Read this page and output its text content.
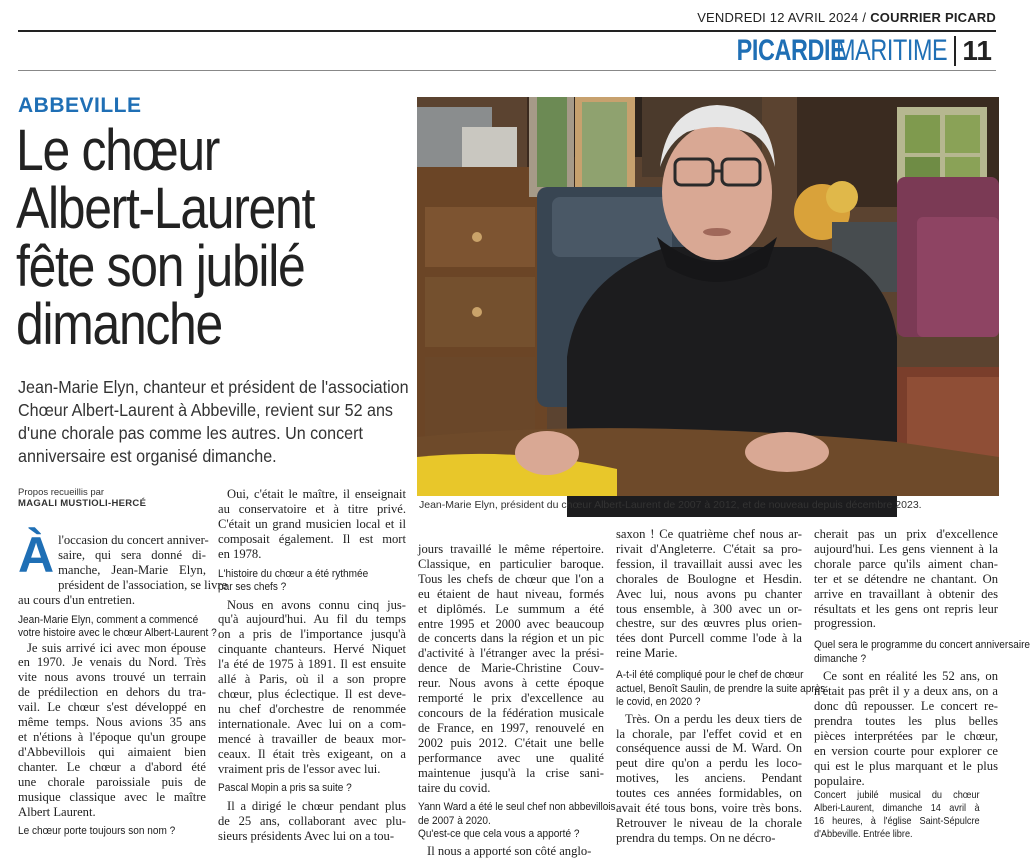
VENDREDI 12 AVRIL 2024 / COURRIER PICARD
PICARDIE
MARITIME 11
ABBEVILLE
Le chœur
Albert-Laurent
fête son jubilé
dimanche
Jean-Marie Elyn, chanteur et président de l'association
Chœur Albert-Laurent à Abbeville, revient sur 52 ans
d'une chorale pas comme les autres. Un concert
anniversaire est organisé dimanche.
Jean-Marie Elyn, président du chœur Albert-Laurent de 2007 à 2012, et de nouveau depuis décembre 2023.
Propos recueillis par
MAGALI MUSTIOLI-HERCÉ
À l'occasion du concert anniver-
saire, qui sera donné di-
manche, Jean-Marie Elyn,
président de l'association, se livre
au cours d'un entretien.
Jean-Marie Elyn, comment a commencé
votre histoire avec le chœur Albert-Laurent ?
Je suis arrivé ici avec mon épouse
en 1970. Je venais du Nord. Très
vite nous avons trouvé un terrain
de prédilection en dehors du tra-
vail. Le chœur s'est développé en
même temps. Nous avions 35 ans
et n'étions à l'époque qu'un groupe
d'Abbevillois qui aimaient bien
chanter. Le chœur a d'abord été
une chorale paroissiale puis de
musique classique avec le maître
Albert Laurent.
Le chœur porte toujours son nom ?
Oui, c'était le maître, il enseignait
au conservatoire et à titre privé.
C'était un grand musicien local et il
composait également. Il est mort
en 1978.
L'histoire du chœur a été rythmée
par ses chefs ?
Nous en avons connu cinq jus-
qu'à aujourd'hui. Au fil du temps
on a pris de l'importance jusqu'à
cinquante chanteurs. Hervé Niquet
l'a été de 1975 à 1891. Il est ensuite
allé à Paris, où il a son propre
chœur, plus éclectique. Il est deve-
nu chef d'orchestre de renommée
internationale. Avec lui on a com-
mencé à travailler de beaux mor-
ceaux. Il était très exigeant, on a
vraiment pris de l'essor avec lui.
Pascal Mopin a pris sa suite ?
Il a dirigé le chœur pendant plus
de 25 ans, collaborant avec plu-
sieurs présidents Avec lui on a tou-
jours travaillé le même répertoire.
Classique, en particulier baroque.
Tous les chefs de chœur que l'on a
eu étaient de haut niveau, formés
et diplômés. Le summum a été
entre 1995 et 2000 avec beaucoup
de concerts dans la région et un pic
d'activité à l'étranger avec la prési-
dence de Marie-Christine Couv-
reur. Nous avons à cette époque
remporté le prix d'excellence au
concours de la fédération musicale
de France, en 1997, renouvelé en
2002 puis 2012. C'était une belle
performance avec une qualité
maintenue jusqu'à la crise sani-
taire du covid.
Yann Ward a été le seul chef non abbevillois,
de 2007 à 2020.
Qu'est-ce que cela vous a apporté ?
Il nous a apporté son côté anglo-
saxon ! Ce quatrième chef nous ar-
rivait d'Angleterre. C'était sa pro-
fession, il travaillait aussi avec les
chorales de Boulogne et Hesdin.
Avec lui, nous avons pu chanter
tous ensemble, à 300 avec un or-
chestre, sur des œuvres plus orien-
tées dont Purcell comme l'ode à la
reine Marie.
A-t-il été compliqué pour le chef de chœur
actuel, Benoît Saulin, de prendre la suite après
le covid, en 2020 ?
Très. On a perdu les deux tiers de
la chorale, par l'effet covid et en
conséquence aussi de M. Ward. On
peut dire qu'on a perdu les loco-
motives, les anciens. Pendant
toutes ces années formidables, on
avait été tous bons, voire très bons.
Retrouver le niveau de la chorale
prendra du temps. On ne décro-
cherait pas un prix d'excellence
aujourd'hui. Les gens viennent à la
chorale parce qu'ils aiment chan-
ter et se détendre ne chantant. On
arrive en travaillant à obtenir des
résultats et les gens ont repris leur
progression.
Quel sera le programme du concert anniversaire
dimanche ?
Ce sont en réalité les 52 ans, on
n'était pas prêt il y a deux ans, on a
donc dû repousser. Le concert re-
prendra toutes les plus belles
pièces interprétées par le chœur,
en version courte pour explorer ce
qui est le plus marquant et le plus
populaire.
Concert jubilé musical du chœur
Alberi-Laurent, dimanche 14 avril à
16 heures, à l'église Saint-Sépulcre
d'Abbeville. Entrée libre.
